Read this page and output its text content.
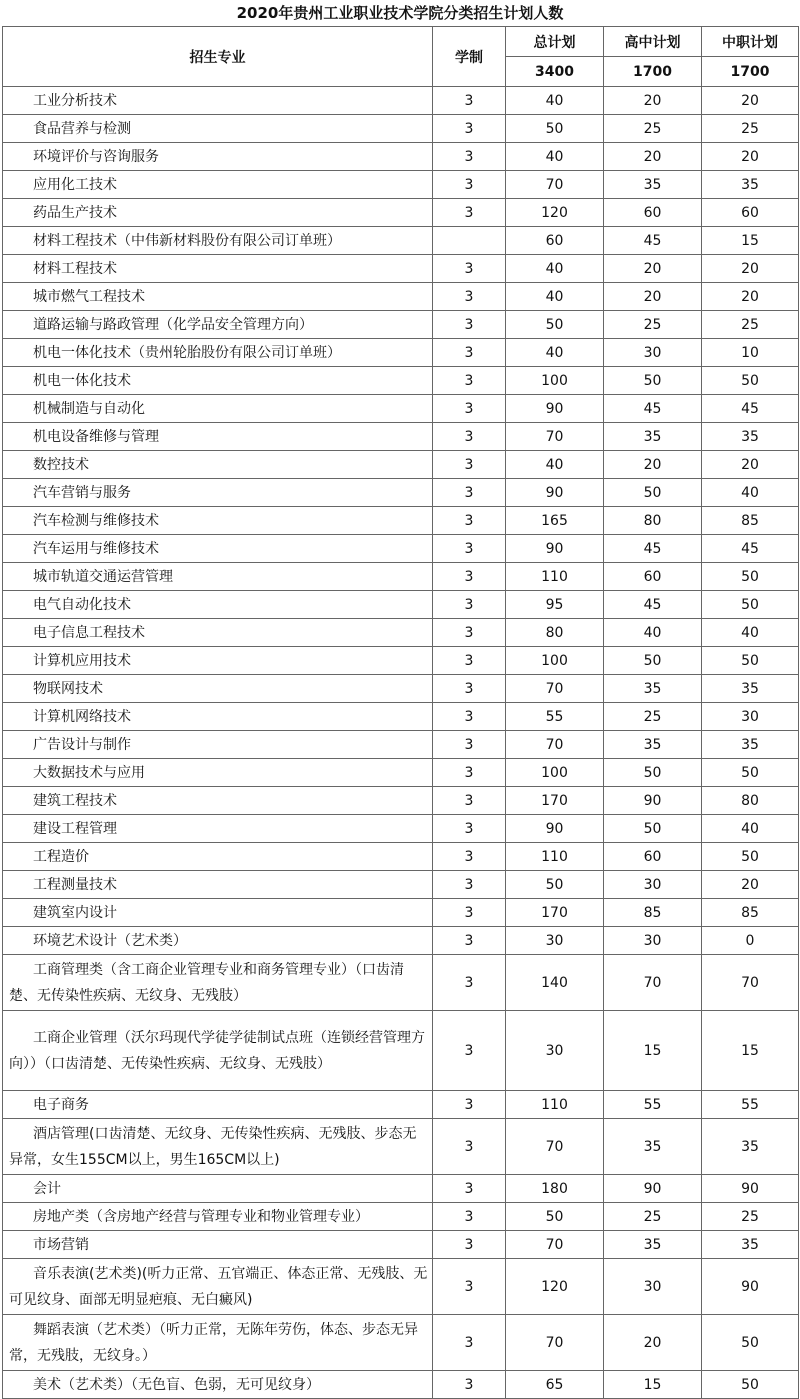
2020年贵州工业职业技术学院分类招生计划人数
招生专业	学制	总计划	高中计划	中职计划
		3400	1700	1700

工业分析技术	3	40	20	20

食品营养与检测	3	50	25	25

环境评价与咨询服务	3	40	20	20

应用化工技术	3	70	35	35

药品生产技术	3	120	60	60

材料工程技术（中伟新材料股份有限公司订单班）		60	45	15

材料工程技术	3	40	20	20

城市燃气工程技术	3	40	20	20

道路运输与路政管理（化学品安全管理方向）	3	50	25	25

机电一体化技术（贵州轮胎股份有限公司订单班）	3	40	30	10

机电一体化技术	3	100	50	50

机械制造与自动化	3	90	45	45

机电设备维修与管理	3	70	35	35

数控技术	3	40	20	20

汽车营销与服务	3	90	50	40

汽车检测与维修技术	3	165	80	85

汽车运用与维修技术	3	90	45	45

城市轨道交通运营管理	3	110	60	50

电气自动化技术	3	95	45	50

电子信息工程技术	3	80	40	40

计算机应用技术	3	100	50	50

物联网技术	3	70	35	35

计算机网络技术	3	55	25	30

广告设计与制作	3	70	35	35

大数据技术与应用	3	100	50	50

建筑工程技术	3	170	90	80

建设工程管理	3	90	50	40

工程造价	3	110	60	50

工程测量技术	3	50	30	20

建筑室内设计	3	170	85	85

环境艺术设计（艺术类）	3	30	30	0

工商管理类（含工商企业管理专业和商务管理专业）（口齿清楚、无传染性疾病、无纹身、无残肢）	3	140	70	70

工商企业管理（沃尔玛现代学徒学徒制试点班（连锁经营管理方向））（口齿清楚、无传染性疾病、无纹身、无残肢）	3	30	15	15

电子商务	3	110	55	55

酒店管理(口齿清楚、无纹身、无传染性疾病、无残肢、步态无异常，女生155CM以上，男生165CM以上)	3	70	35	35

会计	3	180	90	90

房地产类（含房地产经营与管理专业和物业管理专业）	3	50	25	25

市场营销	3	70	35	35

音乐表演(艺术类)(听力正常、五官端正、体态正常、无残肢、无可见纹身、面部无明显疤痕、无白癜风)	3	120	30	90

舞蹈表演（艺术类）（听力正常，无陈年劳伤，体态、步态无异常，无残肢，无纹身。）	3	70	20	50

美术（艺术类）（无色盲、色弱，无可见纹身）	3	65	15	50
